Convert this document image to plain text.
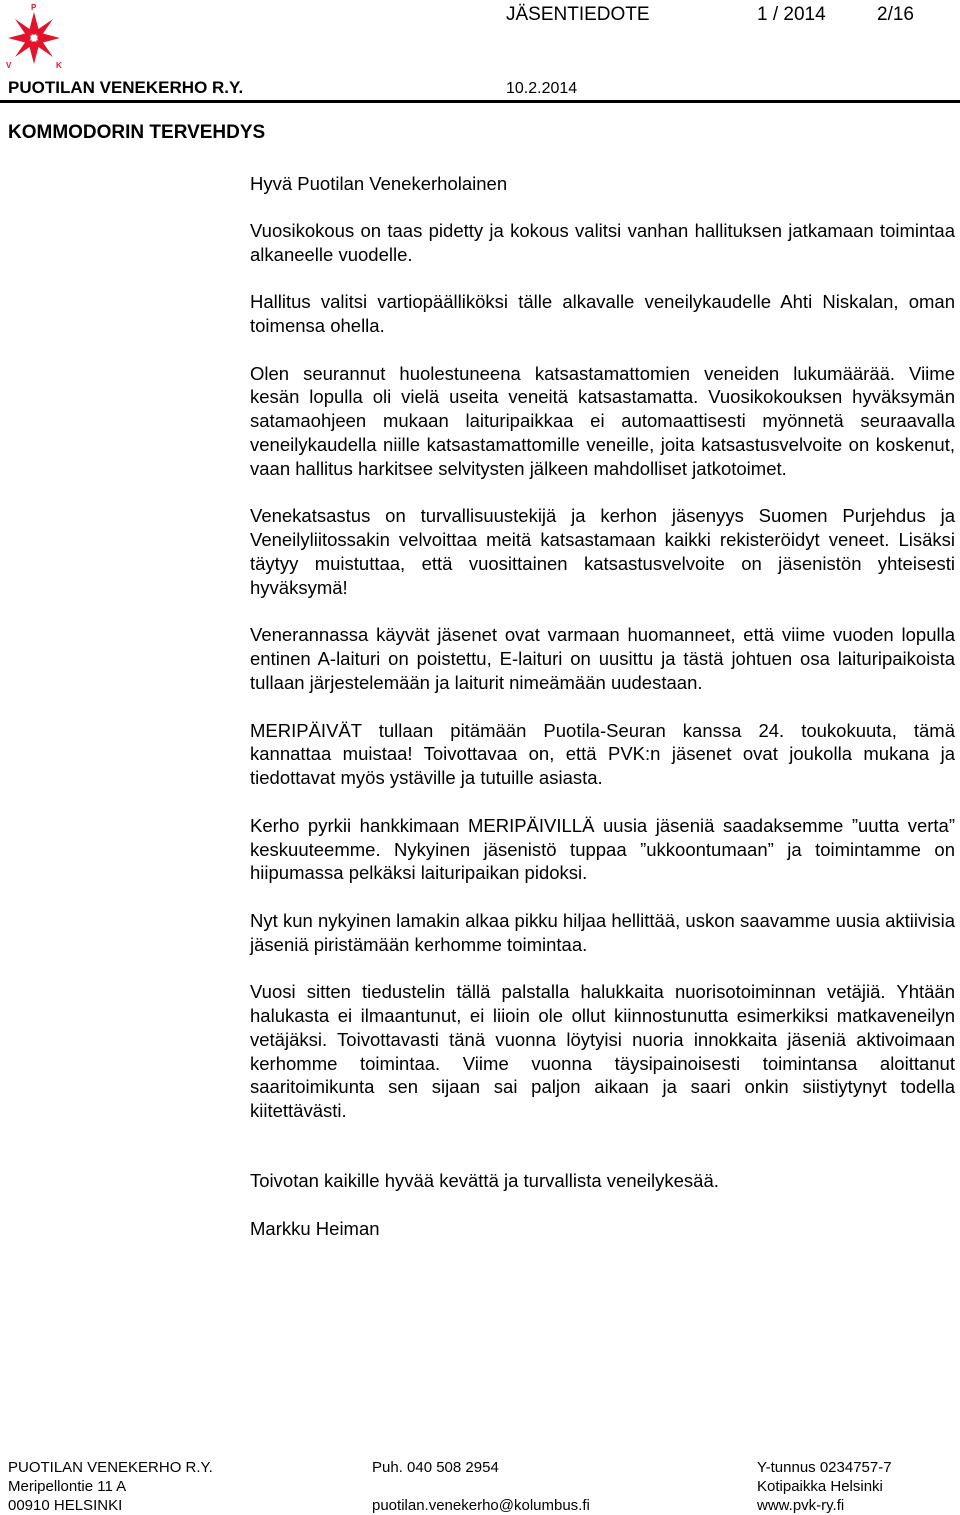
P
V	K
JÄSENTIEDOTE	1 / 2014	2/16
PUOTILAN VENEKERHO R.Y.	10.2.2014
KOMMODORIN TERVEHDYS

Hyvä Puotilan Venekerholainen

Vuosikokous on taas pidetty ja kokous valitsi vanhan hallituksen jatkamaan toimintaa alkaneelle vuodelle.

Hallitus valitsi vartiopäälliköksi tälle alkavalle veneilykaudelle Ahti Niskalan, oman toimensa ohella.

Olen seurannut huolestuneena katsastamattomien veneiden lukumäärää. Viime kesän lopulla oli vielä useita veneitä katsastamatta. Vuosikokouksen hyväksymän satamaohjeen mukaan laituripaikkaa ei automaattisesti myönnetä seuraavalla veneilykaudella niille katsastamattomille veneille, joita katsastusvelvoite on koskenut, vaan hallitus harkitsee selvitysten jälkeen mahdolliset jatkotoimet.

Venekatsastus on turvallisuustekijä ja kerhon jäsenyys Suomen Purjehdus ja Veneilyliitossakin velvoittaa meitä katsastamaan kaikki rekisteröidyt veneet. Lisäksi täytyy muistuttaa, että vuosittainen katsastusvelvoite on jäsenistön yhteisesti hyväksymä!

Venerannassa käyvät jäsenet ovat varmaan huomanneet, että viime vuoden lopulla entinen A-laituri on poistettu, E-laituri on uusittu ja tästä johtuen osa laituripaikoista tullaan järjestelemään ja laiturit nimeämään uudestaan.

MERIPÄIVÄT tullaan pitämään Puotila-Seuran kanssa 24. toukokuuta, tämä kannattaa muistaa! Toivottavaa on, että PVK:n jäsenet ovat joukolla mukana ja tiedottavat myös ystäville ja tutuille asiasta.

Kerho pyrkii hankkimaan MERIPÄIVILLÄ uusia jäseniä saadaksemme ”uutta verta” keskuuteemme. Nykyinen jäsenistö tuppaa ”ukkoontumaan” ja toimintamme on hiipumassa pelkäksi laituripaikan pidoksi.

Nyt kun nykyinen lamakin alkaa pikku hiljaa hellittää, uskon saavamme uusia aktiivisia jäseniä piristämään kerhomme toimintaa.

Vuosi sitten tiedustelin tällä palstalla halukkaita nuorisotoiminnan vetäjiä. Yhtään halukasta ei ilmaantunut, ei liioin ole ollut kiinnostunutta esimerkiksi matkaveneilyn vetäjäksi. Toivottavasti tänä vuonna löytyisi nuoria innokkaita jäseniä aktivoimaan kerhomme toimintaa. Viime vuonna täysipainoisesti toimintansa aloittanut saaritoimikunta sen sijaan sai paljon aikaan ja saari onkin siistiytynyt todella kiitettävästi.

Toivotan kaikille hyvää kevättä ja turvallista veneilykesää.

Markku Heiman

PUOTILAN VENEKERHO R.Y.
Meripellontie 11 A
00910 HELSINKI
Puh. 040 508 2954
puotilan.venekerho@kolumbus.fi
Y-tunnus 0234757-7
Kotipaikka Helsinki
www.pvk-ry.fi
